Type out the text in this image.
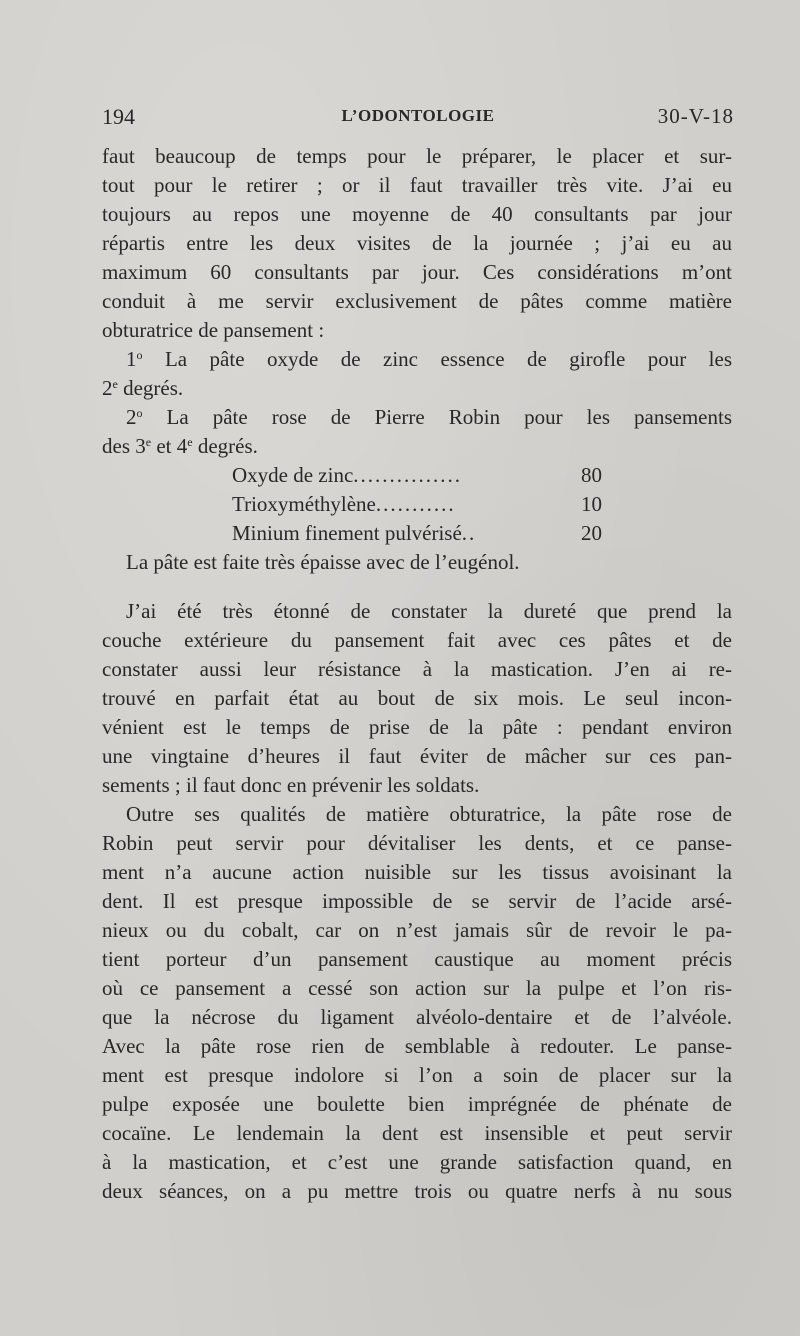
194	L’ODONTOLOGIE	30-V-18
faut beaucoup de temps pour le préparer, le placer et sur-
tout pour le retirer ; or il faut travailler très vite. J’ai eu
toujours au repos une moyenne de 40 consultants par jour
répartis entre les deux visites de la journée ; j’ai eu au
maximum 60 consultants par jour. Ces considérations m’ont
conduit à me servir exclusivement de pâtes comme matière
obturatrice de pansement :
1$^o$ La pâte oxyde de zinc essence de girofle pour les
2e degrés.
2$^o$ La pâte rose de Pierre Robin pour les pansements
des 3e et 4e degrés.
Oxyde de zinc ...............	80
Trioxyméthylène ...........	10
Minium finement pulvérisé ..	20
La pâte est faite très épaisse avec de l’eugénol.
J’ai été très étonné de constater la dureté que prend la
couche extérieure du pansement fait avec ces pâtes et de
constater aussi leur résistance à la mastication. J’en ai re-
trouvé en parfait état au bout de six mois. Le seul incon-
vénient est le temps de prise de la pâte : pendant environ
une vingtaine d’heures il faut éviter de mâcher sur ces pan-
sements ; il faut donc en prévenir les soldats.
Outre ses qualités de matière obturatrice, la pâte rose de
Robin peut servir pour dévitaliser les dents, et ce panse-
ment n’a aucune action nuisible sur les tissus avoisinant la
dent. Il est presque impossible de se servir de l’acide arsé-
nieux ou du cobalt, car on n’est jamais sûr de revoir le pa-
tient porteur d’un pansement caustique au moment précis
où ce pansement a cessé son action sur la pulpe et l’on ris-
que la nécrose du ligament alvéolo-dentaire et de l’alvéole.
Avec la pâte rose rien de semblable à redouter. Le panse-
ment est presque indolore si l’on a soin de placer sur la
pulpe exposée une boulette bien imprégnée de phénate de
cocaïne. Le lendemain la dent est insensible et peut servir
à la mastication, et c’est une grande satisfaction quand, en
deux séances, on a pu mettre trois ou quatre nerfs à nu sous
